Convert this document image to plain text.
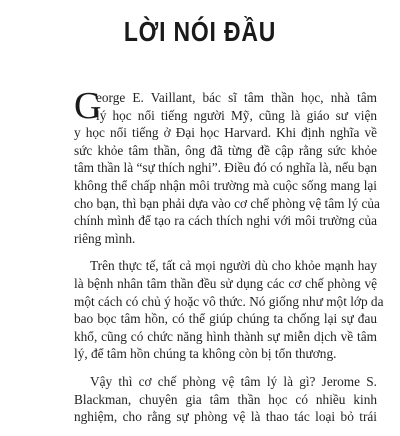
LỜI NÓI ĐẦU
G
eorge E. Vaillant, bác sĩ tâm thần học, nhà tâm
lý học nổi tiếng người Mỹ, cũng là giáo sư viện
y học nổi tiếng ở Đại học Harvard. Khi định nghĩa về
sức khỏe tâm thần, ông đã từng đề cập rằng sức khỏe
tâm thần là “sự thích nghi”. Điều đó có nghĩa là, nếu bạn
không thể chấp nhận môi trường mà cuộc sống mang lại
cho bạn, thì bạn phải dựa vào cơ chế phòng vệ tâm lý của
chính mình để tạo ra cách thích nghi với môi trường của
riêng mình.
Trên thực tế, tất cả mọi người dù cho khỏe mạnh hay
là bệnh nhân tâm thần đều sử dụng các cơ chế phòng vệ
một cách có chủ ý hoặc vô thức. Nó giống như một lớp da
bao bọc tâm hồn, có thể giúp chúng ta chống lại sự đau
khổ, cũng có chức năng hình thành sự miễn dịch về tâm
lý, để tâm hồn chúng ta không còn bị tổn thương.
Vậy thì cơ chế phòng vệ tâm lý là gì? Jerome S.
Blackman, chuyên gia tâm thần học có nhiều kinh
nghiệm, cho rằng sự phòng vệ là thao tác loại bỏ trái
